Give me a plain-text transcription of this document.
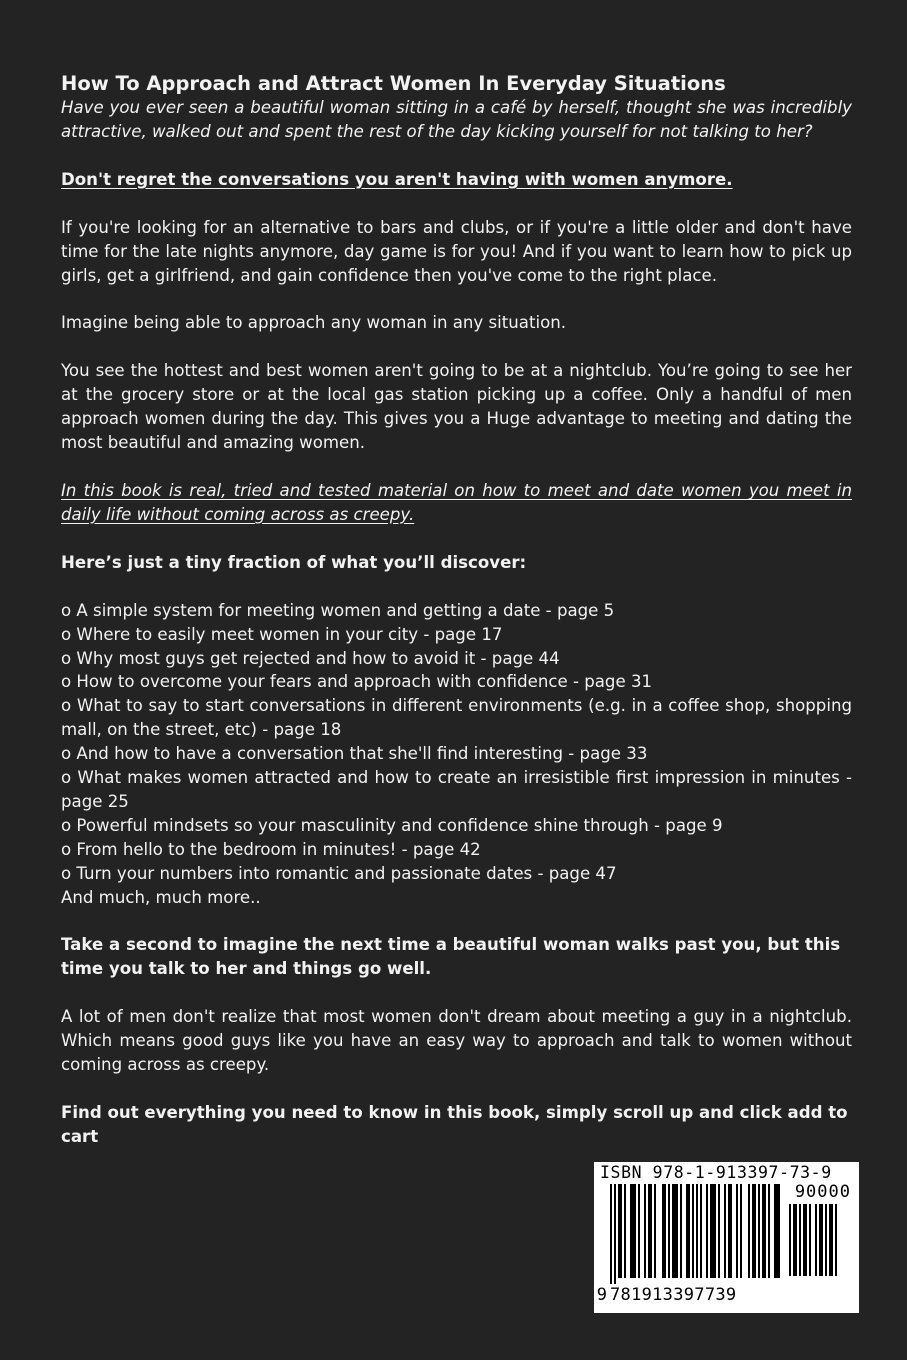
How To Approach and Attract Women In Everyday Situations

Have you ever seen a beautiful woman sitting in a café by herself, thought she was incredibly attractive, walked out and spent the rest of the day kicking yourself for not talking to her?

Don't regret the conversations you aren't having with women anymore.

If you're looking for an alternative to bars and clubs, or if you're a little older and don't have time for the late nights anymore, day game is for you! And if you want to learn how to pick up girls, get a girlfriend, and gain confidence then you've come to the right place.

Imagine being able to approach any woman in any situation.

You see the hottest and best women aren't going to be at a nightclub. You’re going to see her at the grocery store or at the local gas station picking up a coffee. Only a handful of men approach women during the day. This gives you a Huge advantage to meeting and dating the most beautiful and amazing women.

In this book is real, tried and tested material on how to meet and date women you meet in daily life without coming across as creepy.

Here’s just a tiny fraction of what you’ll discover:

o A simple system for meeting women and getting a date - page 5
o Where to easily meet women in your city - page 17
o Why most guys get rejected and how to avoid it - page 44
o How to overcome your fears and approach with confidence - page 31
o What to say to start conversations in different environments (e.g. in a coffee shop, shopping mall, on the street, etc) - page 18
o And how to have a conversation that she'll find interesting - page 33
o What makes women attracted and how to create an irresistible first impression in minutes - page 25
o Powerful mindsets so your masculinity and confidence shine through - page 9
o From hello to the bedroom in minutes! - page 42
o Turn your numbers into romantic and passionate dates - page 47

And much, much more..

Take a second to imagine the next time a beautiful woman walks past you, but this time you talk to her and things go well.

A lot of men don't realize that most women don't dream about meeting a guy in a nightclub. Which means good guys like you have an easy way to approach and talk to women without coming across as creepy.

Find out everything you need to know in this book, simply scroll up and click add to cart

ISBN 978-1-913397-73-9
90000
9 781913397739
